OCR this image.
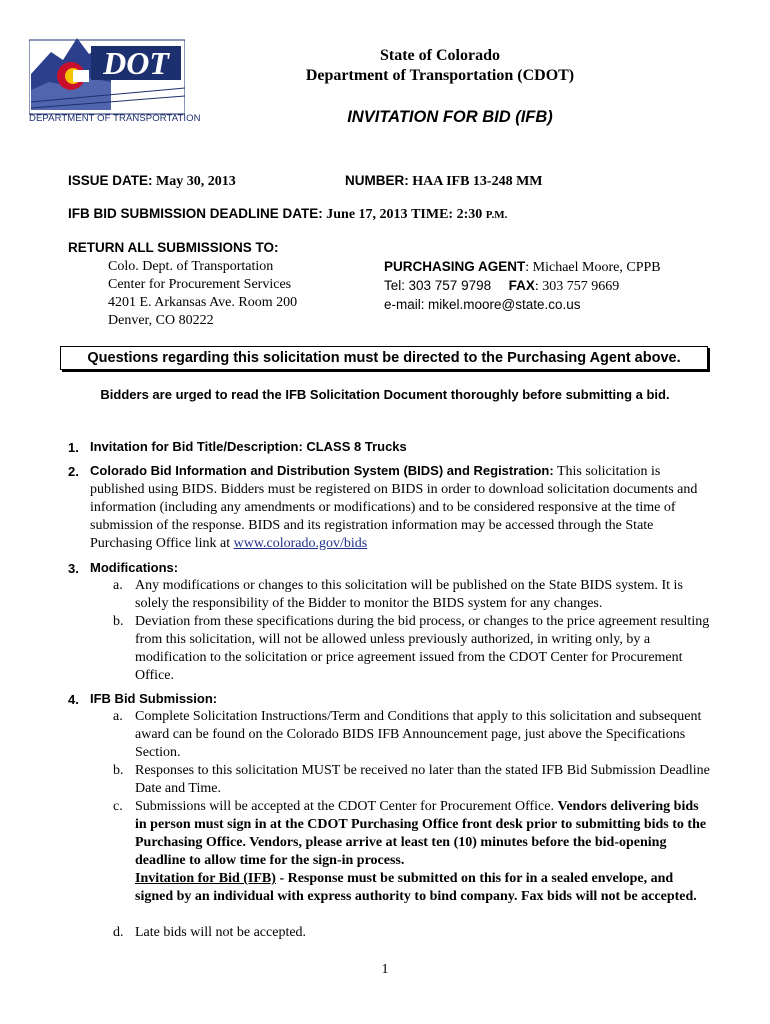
DOT
DEPARTMENT OF TRANSPORTATION
State of Colorado
Department of Transportation (CDOT)
INVITATION FOR BID (IFB)
ISSUE DATE: May 30, 2013	NUMBER: HAA IFB 13-248 MM
IFB BID SUBMISSION DEADLINE DATE: June 17, 2013 TIME: 2:30 P.M.
RETURN ALL SUBMISSIONS TO:
Colo. Dept. of Transportation
Center for Procurement Services
4201 E. Arkansas Ave. Room 200
Denver, CO 80222
PURCHASING AGENT: Michael Moore, CPPB
Tel: 303 757 9798 FAX: 303 757 9669
e-mail: mikel.moore@state.co.us
Questions regarding this solicitation must be directed to the Purchasing Agent above.
Bidders are urged to read the IFB Solicitation Document thoroughly before submitting a bid.
1. Invitation for Bid Title/Description: CLASS 8 Trucks
2. Colorado Bid Information and Distribution System (BIDS) and Registration: This solicitation is published using BIDS. Bidders must be registered on BIDS in order to download solicitation documents and information (including any amendments or modifications) and to be considered responsive at the time of submission of the response. BIDS and its registration information may be accessed through the State Purchasing Office link at www.colorado.gov/bids
3. Modifications:
a. Any modifications or changes to this solicitation will be published on the State BIDS system. It is solely the responsibility of the Bidder to monitor the BIDS system for any changes.
b. Deviation from these specifications during the bid process, or changes to the price agreement resulting from this solicitation, will not be allowed unless previously authorized, in writing only, by a modification to the solicitation or price agreement issued from the CDOT Center for Procurement Office.
4. IFB Bid Submission:
a. Complete Solicitation Instructions/Term and Conditions that apply to this solicitation and subsequent award can be found on the Colorado BIDS IFB Announcement page, just above the Specifications Section.
b. Responses to this solicitation MUST be received no later than the stated IFB Bid Submission Deadline Date and Time.
c. Submissions will be accepted at the CDOT Center for Procurement Office. Vendors delivering bids in person must sign in at the CDOT Purchasing Office front desk prior to submitting bids to the Purchasing Office. Vendors, please arrive at least ten (10) minutes before the bid-opening deadline to allow time for the sign-in process.
Invitation for Bid (IFB) - Response must be submitted on this for in a sealed envelope, and signed by an individual with express authority to bind company. Fax bids will not be accepted.
d. Late bids will not be accepted.
1
